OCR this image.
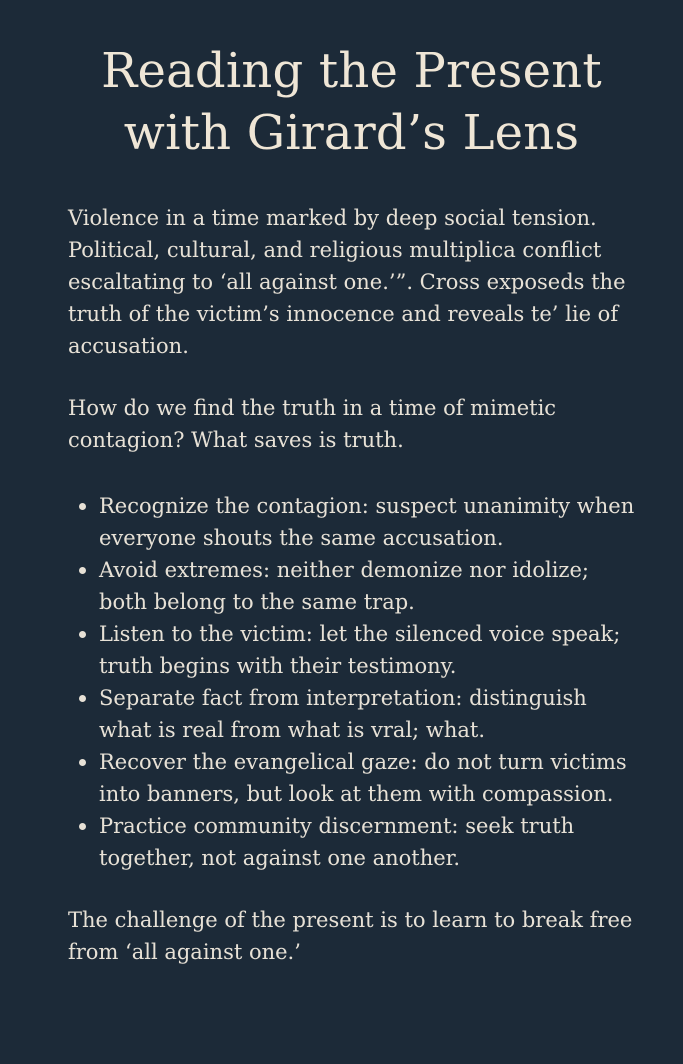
Reading the Present
with Girard’s Lens

Violence in a time marked by deep social tension. Political, cultural, and religious multiplica conflict escaltating to ‘all against one.’”. Cross exposeds the truth of the victim’s innocence and reveals te’ lie of accusation.

How do we find the truth in a time of mimetic contagion? What saves is truth.

Recognize the contagion: suspect unanimity when everyone shouts the same accusation.
Avoid extremes: neither demonize nor idolize; both belong to the same trap.
Listen to the victim: let the silenced voice speak; truth begins with their testimony.
Separate fact from interpretation: distinguish what is real from what is vral; what.
Recover the evangelical gaze: do not turn victims into banners, but look at them with compassion.
Practice community discernment: seek truth together, not against one another.

The challenge of the present is to learn to break free from ‘all against one.’
